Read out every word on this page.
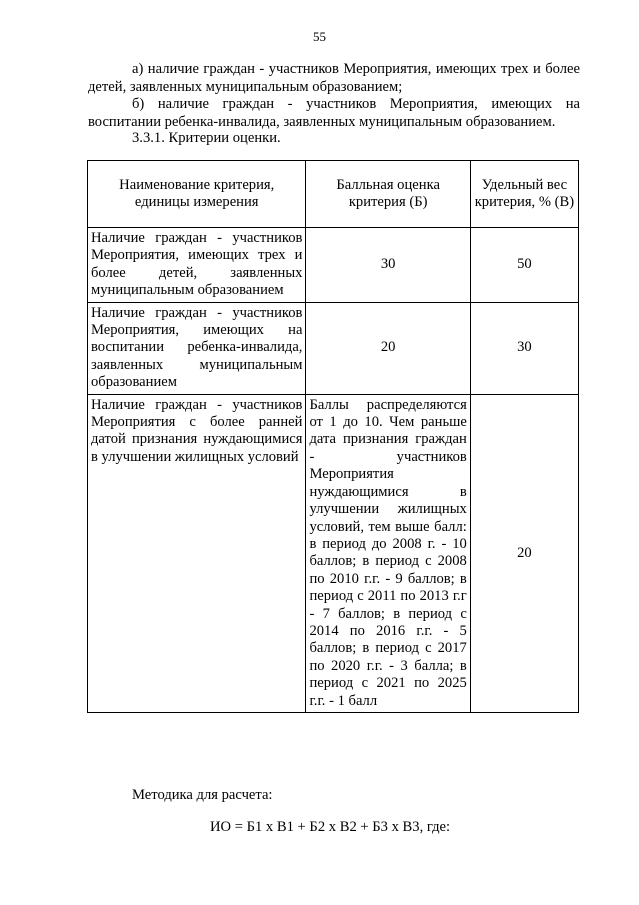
55
а) наличие граждан - участников Мероприятия, имеющих трех и более детей, заявленных муниципальным образованием;
б) наличие граждан - участников Мероприятия, имеющих на воспитании ребенка-инвалида, заявленных муниципальным образованием.
3.3.1. Критерии оценки.
Наименование критерия, единицы измерения	Балльная оценка критерия (Б)	Удельный вес критерия, % (В)
Наличие граждан - участников Мероприятия, имеющих трех и более детей, заявленных муниципальным образованием	30	50
Наличие граждан - участников Мероприятия, имеющих на воспитании ребенка-инвалида, заявленных муниципальным образованием	20	30
Наличие граждан - участников Мероприятия с более ранней датой признания нуждающимися в улучшении жилищных условий	Баллы распределяются от 1 до 10. Чем раньше дата признания граждан - участников Мероприятия нуждающимися в улучшении жилищных условий, тем выше балл: в период до 2008 г. - 10 баллов; в период с 2008 по 2010 г.г. - 9 баллов; в период с 2011 по 2013 г.г - 7 баллов; в период с 2014 по 2016 г.г. - 5 баллов; в период с 2017 по 2020 г.г. - 3 балла; в период с 2021 по 2025 г.г. - 1 балл	20
Методика для расчета:
ИО = Б1 х В1 + Б2 х В2 + Б3 х В3, где:
